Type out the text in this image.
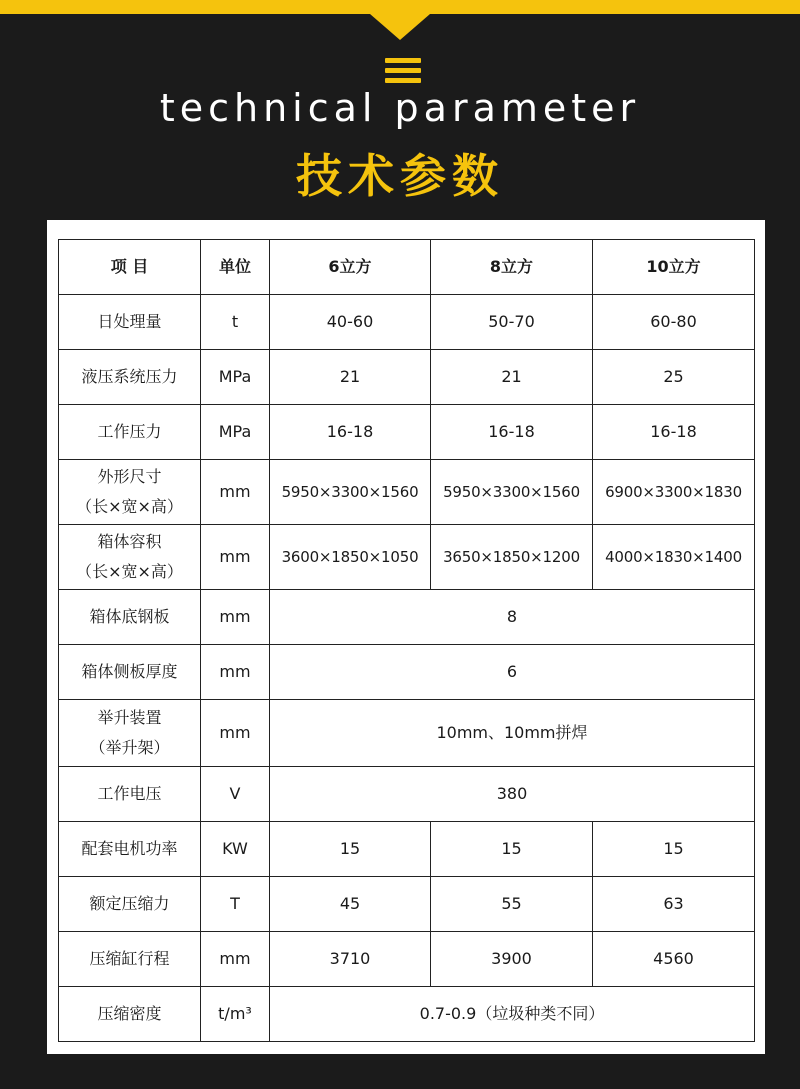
technical parameter
技术参数
项 目	单位	6立方	8立方	10立方
日处理量	t	40-60	50-70	60-80
液压系统压力	MPa	21	21	25
工作压力	MPa	16-18	16-18	16-18

外形尺寸
（长×宽×高）	mm	5950×3300×1560	5950×3300×1560	6900×3300×1830

箱体容积
（长×宽×高）	mm	3600×1850×1050	3650×1850×1200	4000×1830×1400
箱体底钢板	mm	8		
箱体侧板厚度	mm	6		

举升装置
（举升架）	mm	10mm、10mm拼焊		
工作电压	V	380		
配套电机功率	KW	15	15	15
额定压缩力	T	45	55	63
压缩缸行程	mm	3710	3900	4560
压缩密度	t/m³	0.7-0.9（垃圾种类不同）		
